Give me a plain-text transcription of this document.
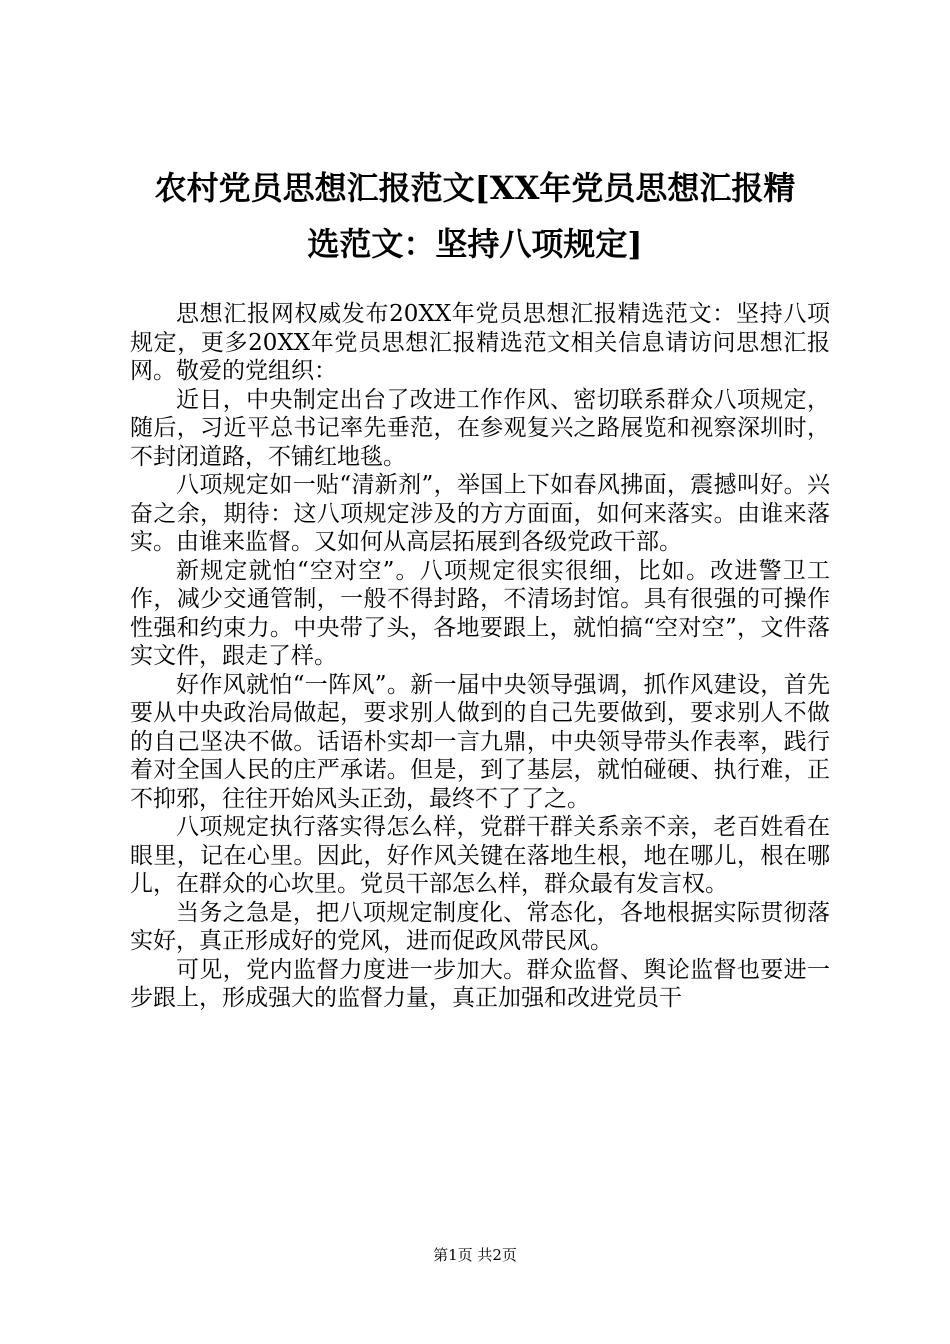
农村党员思想汇报范文[XX年党员思想汇报精
选范文：坚持八项规定]

思想汇报网权威发布20XX年党员思想汇报精选范文：坚持八项规定，更多20XX年党员思想汇报精选范文相关信息请访问思想汇报网。敬爱的党组织：

近日，中央制定出台了改进工作作风、密切联系群众八项规定，随后，习近平总书记率先垂范，在参观复兴之路展览和视察深圳时，不封闭道路，不铺红地毯。

八项规定如一贴“清新剂”，举国上下如春风拂面，震撼叫好。兴奋之余，期待：这八项规定涉及的方方面面，如何来落实。由谁来落实。由谁来监督。又如何从高层拓展到各级党政干部。

新规定就怕“空对空”。八项规定很实很细，比如。改进警卫工作，减少交通管制，一般不得封路，不清场封馆。具有很强的可操作性强和约束力。中央带了头，各地要跟上，就怕搞“空对空”，文件落实文件，跟走了样。

好作风就怕“一阵风”。新一届中央领导强调，抓作风建设，首先要从中央政治局做起，要求别人做到的自己先要做到，要求别人不做的自己坚决不做。话语朴实却一言九鼎，中央领导带头作表率，践行着对全国人民的庄严承诺。但是，到了基层，就怕碰硬、执行难，正不抑邪，往往开始风头正劲，最终不了了之。

八项规定执行落实得怎么样，党群干群关系亲不亲，老百姓看在眼里，记在心里。因此，好作风关键在落地生根，地在哪儿，根在哪儿，在群众的心坎里。党员干部怎么样，群众最有发言权。

当务之急是，把八项规定制度化、常态化，各地根据实际贯彻落实好，真正形成好的党风，进而促政风带民风。

可见，党内监督力度进一步加大。群众监督、舆论监督也要进一步跟上，形成强大的监督力量，真正加强和改进党员干

第1页 共2页
